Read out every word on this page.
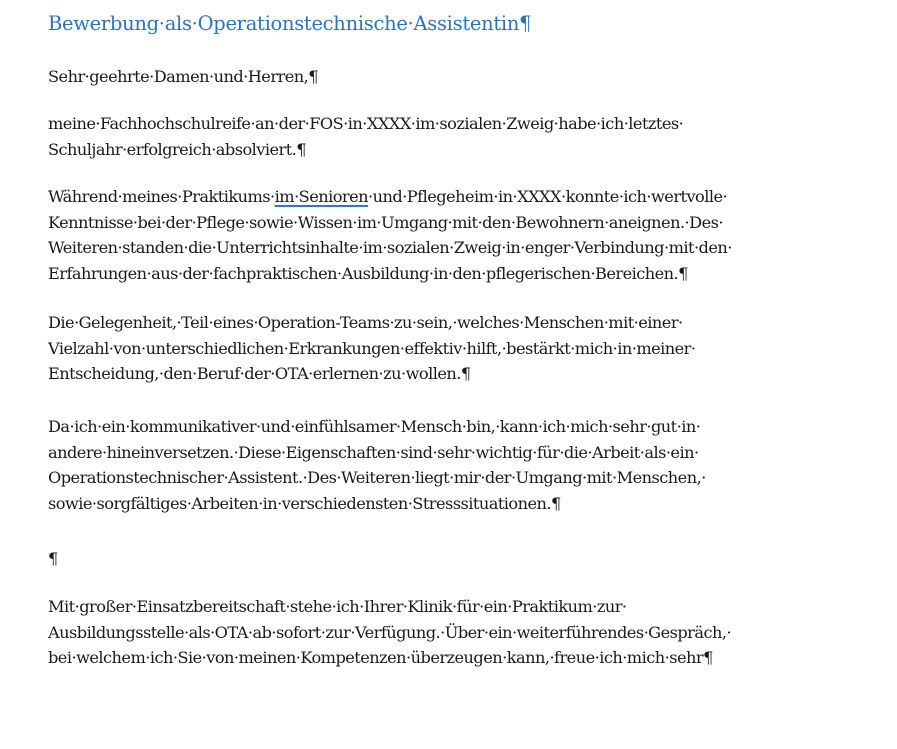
Bewerbung·als·Operationstechnische·Assistentin¶
Sehr·geehrte·Damen·und·Herren,¶
meine·Fachhochschulreife·an·der·FOS·in·XXXX·im·sozialen·Zweig·habe·ich·letztes·
Schuljahr·erfolgreich·absolviert.¶
Während·meines·Praktikums·im·Senioren·und·Pflegeheim·in·XXXX·konnte·ich·wertvolle·
Kenntnisse·bei·der·Pflege·sowie·Wissen·im·Umgang·mit·den·Bewohnern·aneignen.·Des·
Weiteren·standen·die·Unterrichtsinhalte·im·sozialen·Zweig·in·enger·Verbindung·mit·den·
Erfahrungen·aus·der·fachpraktischen·Ausbildung·in·den·pflegerischen·Bereichen.¶
Die·Gelegenheit,·Teil·eines·Operation-Teams·zu·sein,·welches·Menschen·mit·einer·
Vielzahl·von·unterschiedlichen·Erkrankungen·effektiv·hilft,·bestärkt·mich·in·meiner·
Entscheidung,·den·Beruf·der·OTA·erlernen·zu·wollen.¶
Da·ich·ein·kommunikativer·und·einfühlsamer·Mensch·bin,·kann·ich·mich·sehr·gut·in·
andere·hineinversetzen.·Diese·Eigenschaften·sind·sehr·wichtig·für·die·Arbeit·als·ein·
Operationstechnischer·Assistent.·Des·Weiteren·liegt·mir·der·Umgang·mit·Menschen,·
sowie·sorgfältiges·Arbeiten·in·verschiedensten·Stresssituationen.¶
¶
Mit·großer·Einsatzbereitschaft·stehe·ich·Ihrer·Klinik·für·ein·Praktikum·zur·
Ausbildungsstelle·als·OTA·ab·sofort·zur·Verfügung.·Über·ein·weiterführendes·Gespräch,·
bei·welchem·ich·Sie·von·meinen·Kompetenzen·überzeugen·kann,·freue·ich·mich·sehr¶
